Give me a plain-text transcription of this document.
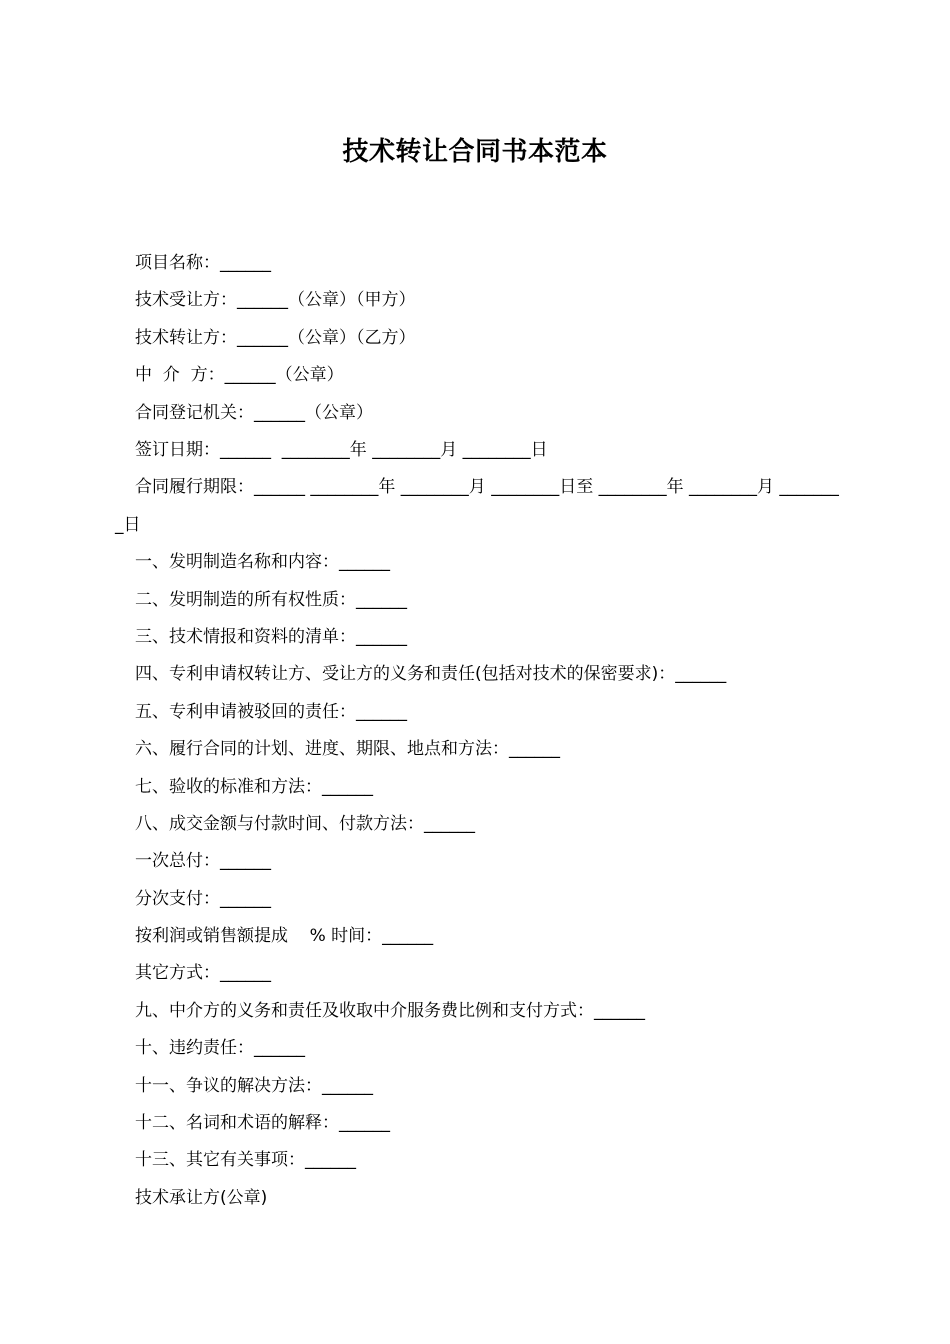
技术转让合同书本范本
项目名称：______
技术受让方：______（公章）（甲方）
技术转让方：______（公章）（乙方）
中  介  方：______（公章）
合同登记机关：______（公章）
签订日期：______  ________年 ________月 ________日
合同履行期限：______ ________年 ________月 ________日至 ________年 ________月 ________日
一、发明制造名称和内容：______
二、发明制造的所有权性质：______
三、技术情报和资料的清单：______
四、专利申请权转让方、受让方的义务和责任(包括对技术的保密要求)：______
五、专利申请被驳回的责任：______
六、履行合同的计划、进度、期限、地点和方法：______
七、验收的标准和方法：______
八、成交金额与付款时间、付款方法：______
一次总付：______
分次支付：______
按利润或销售额提成    % 时间：______
其它方式：______
九、中介方的义务和责任及收取中介服务费比例和支付方式：______
十、违约责任：______
十一、争议的解决方法：______
十二、名词和术语的解释：______
十三、其它有关事项：______
技术承让方(公章)
